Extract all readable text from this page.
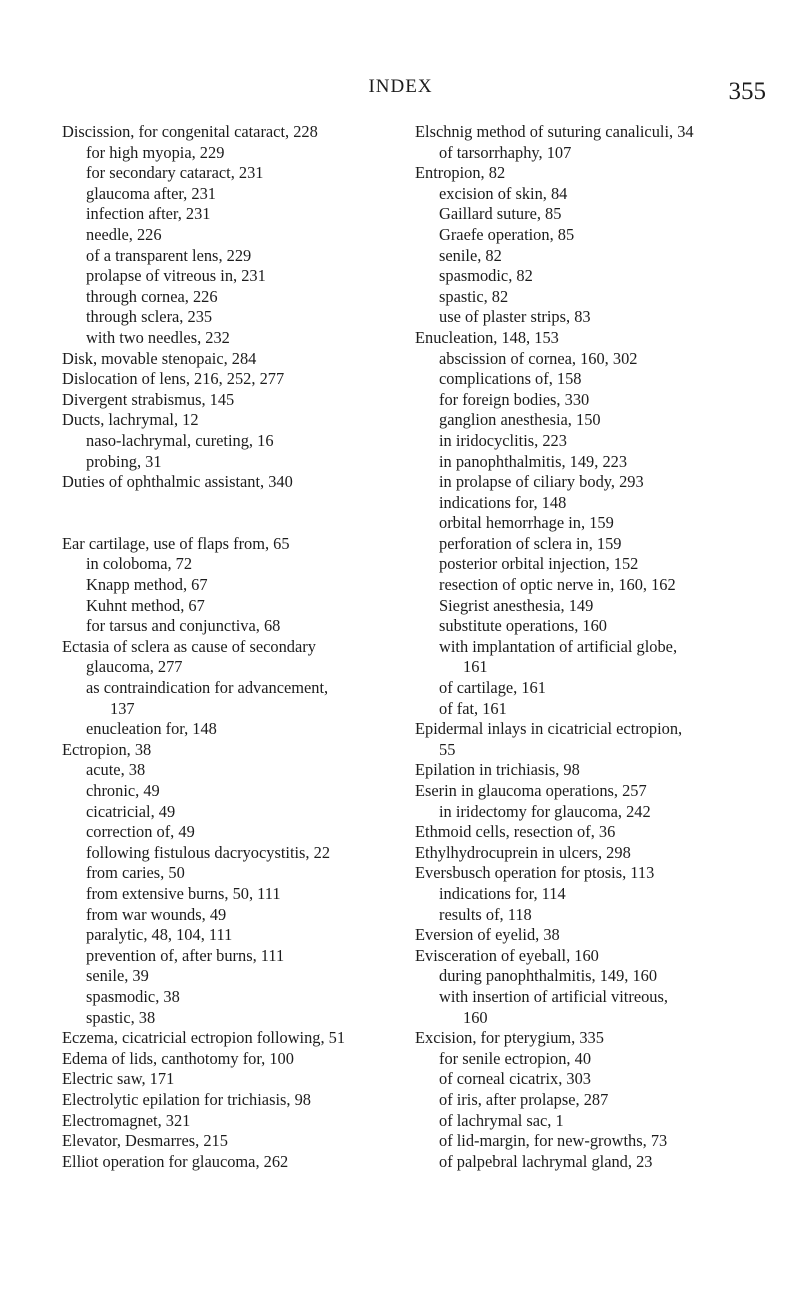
INDEX	355
Discission, for congenital cataract, 228
for high myopia, 229
for secondary cataract, 231
glaucoma after, 231
infection after, 231
needle, 226
of a transparent lens, 229
prolapse of vitreous in, 231
through cornea, 226
through sclera, 235
with two needles, 232
Disk, movable stenopaic, 284
Dislocation of lens, 216, 252, 277
Divergent strabismus, 145
Ducts, lachrymal, 12
naso-lachrymal, cureting, 16
probing, 31
Duties of ophthalmic assistant, 340
Ear cartilage, use of flaps from, 65
in coloboma, 72
Knapp method, 67
Kuhnt method, 67
for tarsus and conjunctiva, 68
Ectasia of sclera as cause of secondary
glaucoma, 277
as contraindication for advancement,
137
enucleation for, 148
Ectropion, 38
acute, 38
chronic, 49
cicatricial, 49
correction of, 49
following fistulous dacryocystitis, 22
from caries, 50
from extensive burns, 50, 111
from war wounds, 49
paralytic, 48, 104, 111
prevention of, after burns, 111
senile, 39
spasmodic, 38
spastic, 38
Eczema, cicatricial ectropion following, 51
Edema of lids, canthotomy for, 100
Electric saw, 171
Electrolytic epilation for trichiasis, 98
Electromagnet, 321
Elevator, Desmarres, 215
Elliot operation for glaucoma, 262
Elschnig method of suturing canaliculi, 34
of tarsorrhaphy, 107
Entropion, 82
excision of skin, 84
Gaillard suture, 85
Graefe operation, 85
senile, 82
spasmodic, 82
spastic, 82
use of plaster strips, 83
Enucleation, 148, 153
abscission of cornea, 160, 302
complications of, 158
for foreign bodies, 330
ganglion anesthesia, 150
in iridocyclitis, 223
in panophthalmitis, 149, 223
in prolapse of ciliary body, 293
indications for, 148
orbital hemorrhage in, 159
perforation of sclera in, 159
posterior orbital injection, 152
resection of optic nerve in, 160, 162
Siegrist anesthesia, 149
substitute operations, 160
with implantation of artificial globe,
161
of cartilage, 161
of fat, 161
Epidermal inlays in cicatricial ectropion,
55
Epilation in trichiasis, 98
Eserin in glaucoma operations, 257
in iridectomy for glaucoma, 242
Ethmoid cells, resection of, 36
Ethylhydrocuprein in ulcers, 298
Eversbusch operation for ptosis, 113
indications for, 114
results of, 118
Eversion of eyelid, 38
Evisceration of eyeball, 160
during panophthalmitis, 149, 160
with insertion of artificial vitreous,
160
Excision, for pterygium, 335
for senile ectropion, 40
of corneal cicatrix, 303
of iris, after prolapse, 287
of lachrymal sac, 1
of lid-margin, for new-growths, 73
of palpebral lachrymal gland, 23
